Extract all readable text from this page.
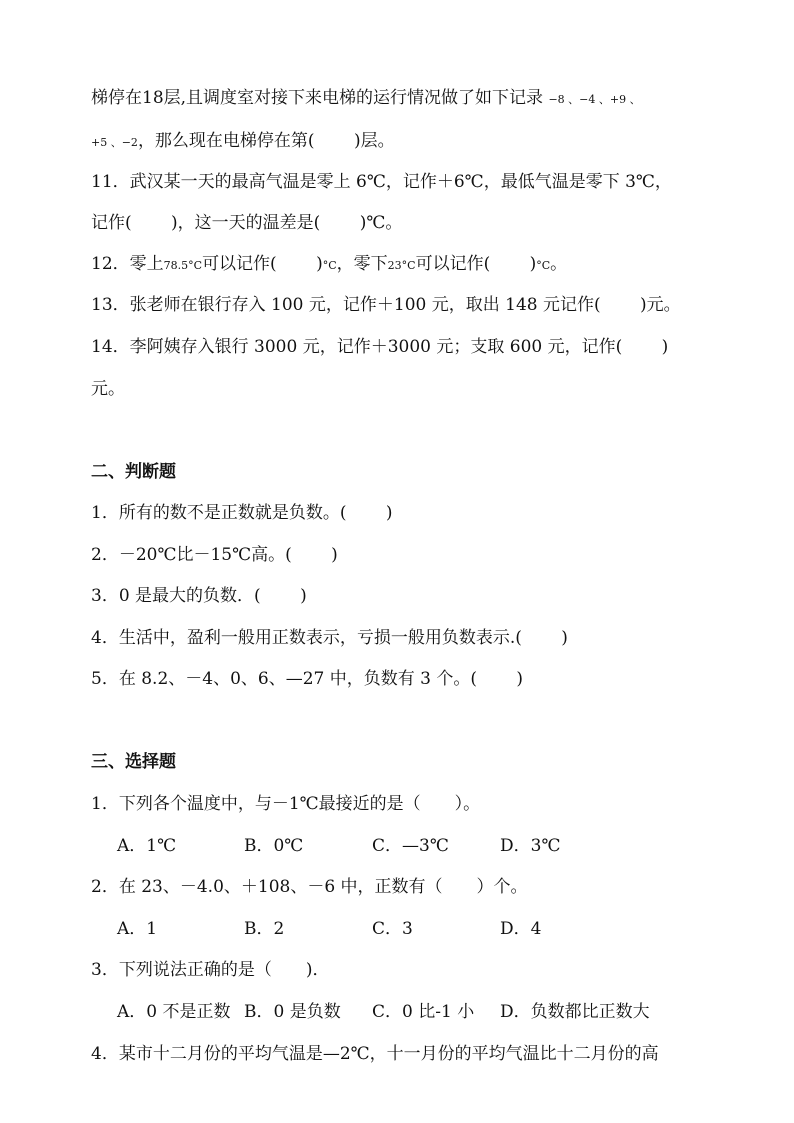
梯停在18层,且调度室对接下来电梯的运行情况做了如下记录 −8 、−4 、+9 、
+5 、−2，那么现在电梯停在第(　　 )层。
11．武汉某一天的最高气温是零上 6℃，记作＋6℃，最低气温是零下 3℃，
记作(　　 )，这一天的温差是(　　 )℃。
12．零上78.5°C可以记作(　　 )°C，零下23°C可以记作(　　 )°C。
13．张老师在银行存入 100 元，记作＋100 元，取出 148 元记作(　　 )元。
14．李阿姨存入银行 3000 元，记作＋3000 元；支取 600 元，记作(　　 )
元。
二、判断题
1．所有的数不是正数就是负数。(　　 )
2．－20℃比－15℃高。(　　 )
3．0 是最大的负数．(　　 )
4．生活中，盈利一般用正数表示，亏损一般用负数表示.(　　 )
5．在 8.2、－4、0、6、—27 中，负数有 3 个。(　　 )
三、选择题
1．下列各个温度中，与－1℃最接近的是（　　）。
A．1℃	B．0℃	C．—3℃	D．3℃
2．在 23、－4.0、＋108、－6 中，正数有（　　）个。
A．1	B．2	C．3	D．4
3．下列说法正确的是（　　)．
A．0 不是正数 B．0 是负数 C．0 比-1 小 D．负数都比正数大
4．某市十二月份的平均气温是—2℃，十一月份的平均气温比十二月份的高
